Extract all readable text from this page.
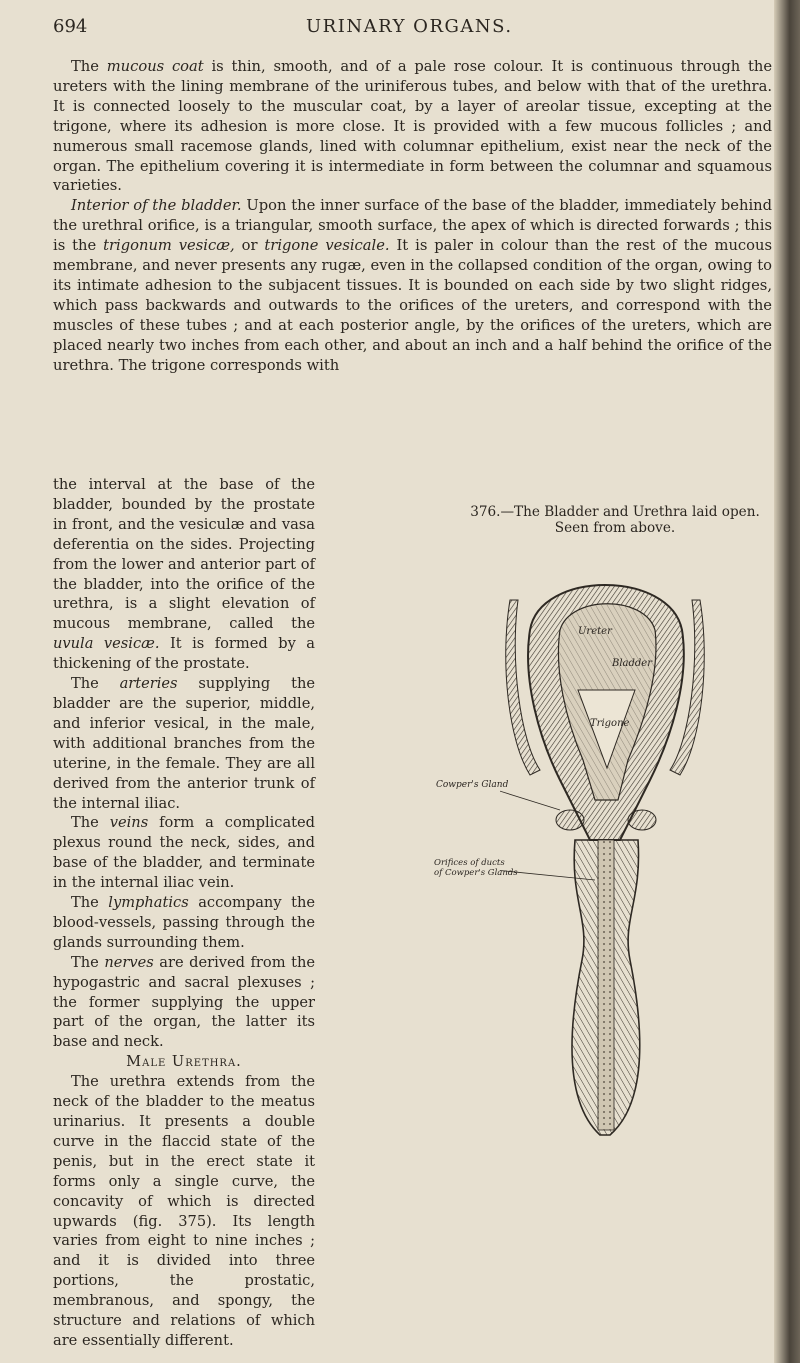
694	URINARY ORGANS.

The mucous coat is thin, smooth, and of a pale rose colour. It is continuous through the ureters with the lining membrane of the uriniferous tubes, and below with that of the urethra. It is connected loosely to the muscular coat, by a layer of areolar tissue, excepting at the trigone, where its adhesion is more close. It is provided with a few mucous follicles ; and numerous small racemose glands, lined with columnar epithelium, exist near the neck of the organ. The epithelium covering it is intermediate in form between the columnar and squamous varieties.

Interior of the bladder. Upon the inner surface of the base of the bladder, immediately behind the urethral orifice, is a triangular, smooth surface, the apex of which is directed forwards ; this is the trigonum vesicæ, or trigone vesicale. It is paler in colour than the rest of the mucous membrane, and never presents any rugæ, even in the collapsed condition of the organ, owing to its intimate adhesion to the subjacent tissues. It is bounded on each side by two slight ridges, which pass backwards and outwards to the orifices of the ureters, and correspond with the muscles of these tubes ; and at each posterior angle, by the orifices of the ureters, which are placed nearly two inches from each other, and about an inch and a half behind the orifice of the urethra. The trigone corresponds with

the interval at the base of the bladder, bounded by the prostate in front, and the vesiculæ and vasa deferentia on the sides. Projecting from the lower and anterior part of the bladder, into the orifice of the urethra, is a slight elevation of mucous membrane, called the uvula vesicæ. It is formed by a thickening of the prostate.

The arteries supplying the bladder are the superior, middle, and inferior vesical, in the male, with additional branches from the uterine, in the female. They are all derived from the anterior trunk of the internal iliac.

The veins form a complicated plexus round the neck, sides, and base of the bladder, and terminate in the internal iliac vein.

The lymphatics accompany the blood-vessels, passing through the glands surrounding them.

The nerves are derived from the hypogastric and sacral plexuses ; the former supplying the upper part of the organ, the latter its base and neck.

Male Urethra.

The urethra extends from the neck of the bladder to the meatus urinarius. It presents a double curve in the flaccid state of the penis, but in the erect state it forms only a single curve, the concavity of which is directed upwards (fig. 375). Its length varies from eight to nine inches ; and it is divided into three portions, the prostatic, membranous, and spongy, the structure and relations of which are essentially different.

376.—The Bladder and Urethra laid open.
Seen from above.
Ureter
Bladder
Trigone
Cowper's Gland
Orifices of ducts
of Cowper's Glands
